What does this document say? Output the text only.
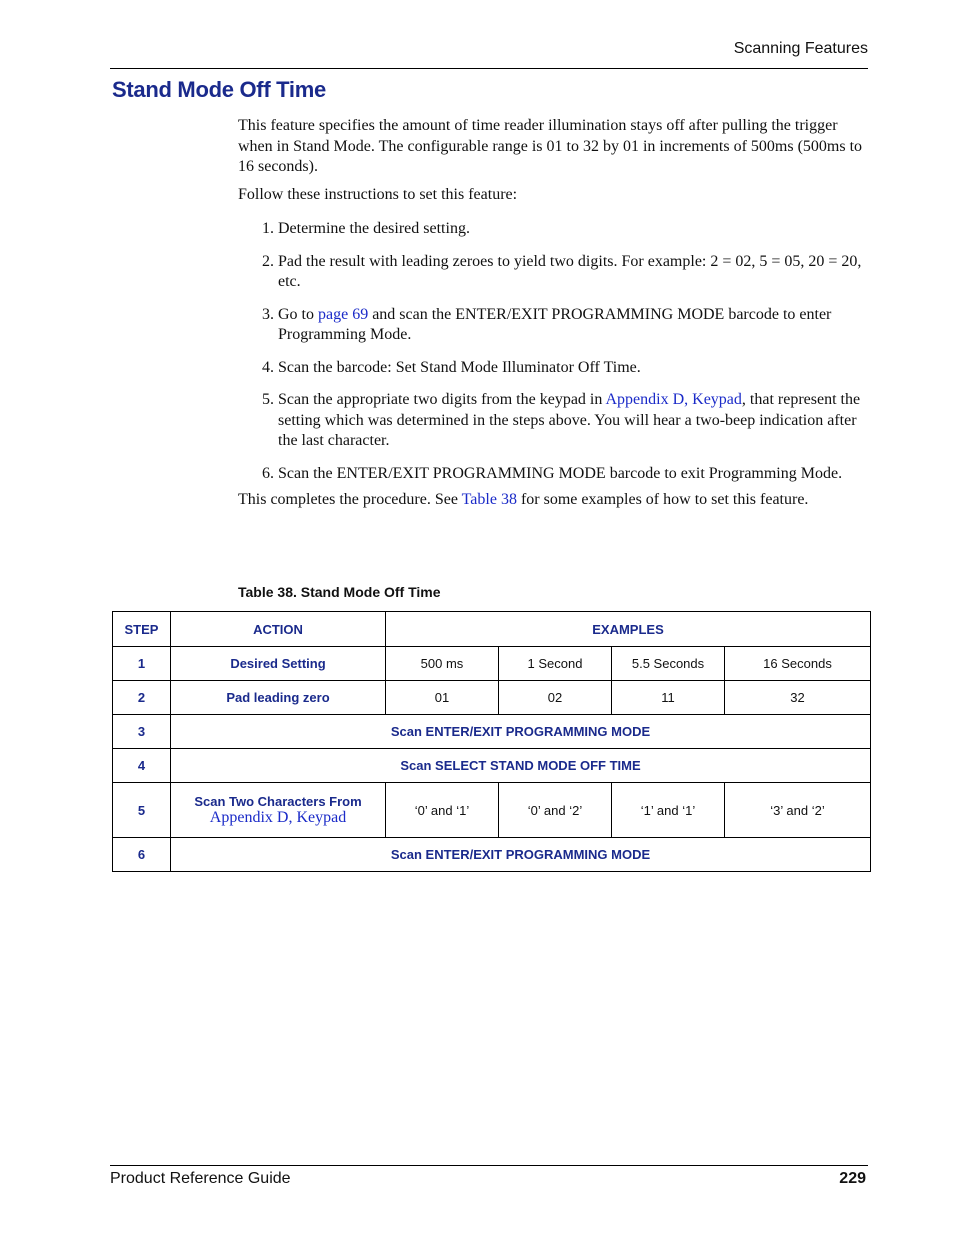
Scanning Features
Stand Mode Off Time

This feature specifies the amount of time reader illumination stays off after pulling the trigger when in Stand Mode. The configurable range is 01 to 32 by 01 in increments of 500ms (500ms to 16 seconds).

Follow these instructions to set this feature:

1. Determine the desired setting.
2. Pad the result with leading zeroes to yield two digits. For example: 2 = 02, 5 = 05, 20 = 20, etc.
3. Go to page 69 and scan the ENTER/EXIT PROGRAMMING MODE barcode to enter Programming Mode.
4. Scan the barcode: Set Stand Mode Illuminator Off Time.
5. Scan the appropriate two digits from the keypad in Appendix D, Keypad, that represent the setting which was determined in the steps above. You will hear a two-beep indication after the last character.
6. Scan the ENTER/EXIT PROGRAMMING MODE barcode to exit Programming Mode.

This completes the procedure. See Table 38 for some examples of how to set this feature.

Table 38. Stand Mode Off Time
STEP	ACTION	EXAMPLES			
1	Desired Setting	500 ms	1 Second	5.5 Seconds	16 Seconds
2	Pad leading zero	01	02	11	32
3	Scan ENTER/EXIT PROGRAMMING MODE				
4	Scan SELECT STAND MODE OFF TIME				
5	Scan Two Characters From
Appendix D, Keypad	‘0’ and ‘1’	‘0’ and ‘2’	‘1’ and ‘1’	‘3’ and ‘2’
6	Scan ENTER/EXIT PROGRAMMING MODE				
Product Reference Guide	229
